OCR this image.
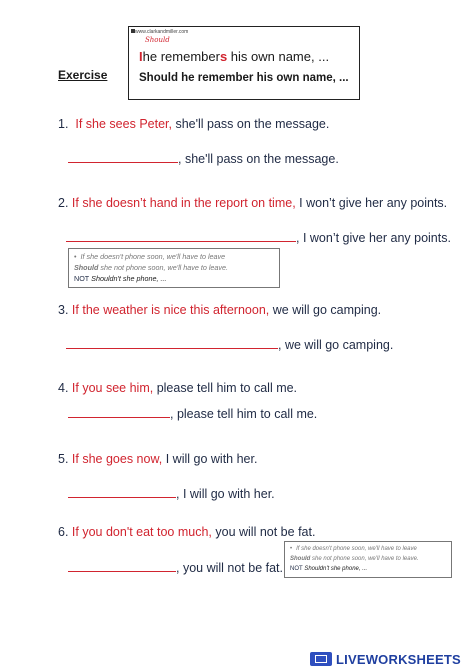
www.clarkandmiller.com
Should
Ihe remembers his own name, ...
Should he remember his own name, ...
Exercise
1. If she sees Peter, she'll pass on the message.
, she'll pass on the message.
2. If she doesn’t hand in the report on time, I won’t give her any points.
, I won’t give her any points.
• If she doesn't phone soon, we'll have to leave
Should she not phone soon, we'll have to leave.
NOT Shouldn't she phone, ...
3. If the weather is nice this afternoon, we will go camping.
, we will go camping.
4. If you see him, please tell him to call me.
, please tell him to call me.
5. If she goes now, I will go with her.
, I will go with her.
6. If you don't eat too much, you will not be fat.
, you will not be fat.
• If she doesn't phone soon, we'll have to leave
Should she not phone soon, we'll have to leave.
NOT Shouldn't she phone, ...
LIVEWORKSHEETS
